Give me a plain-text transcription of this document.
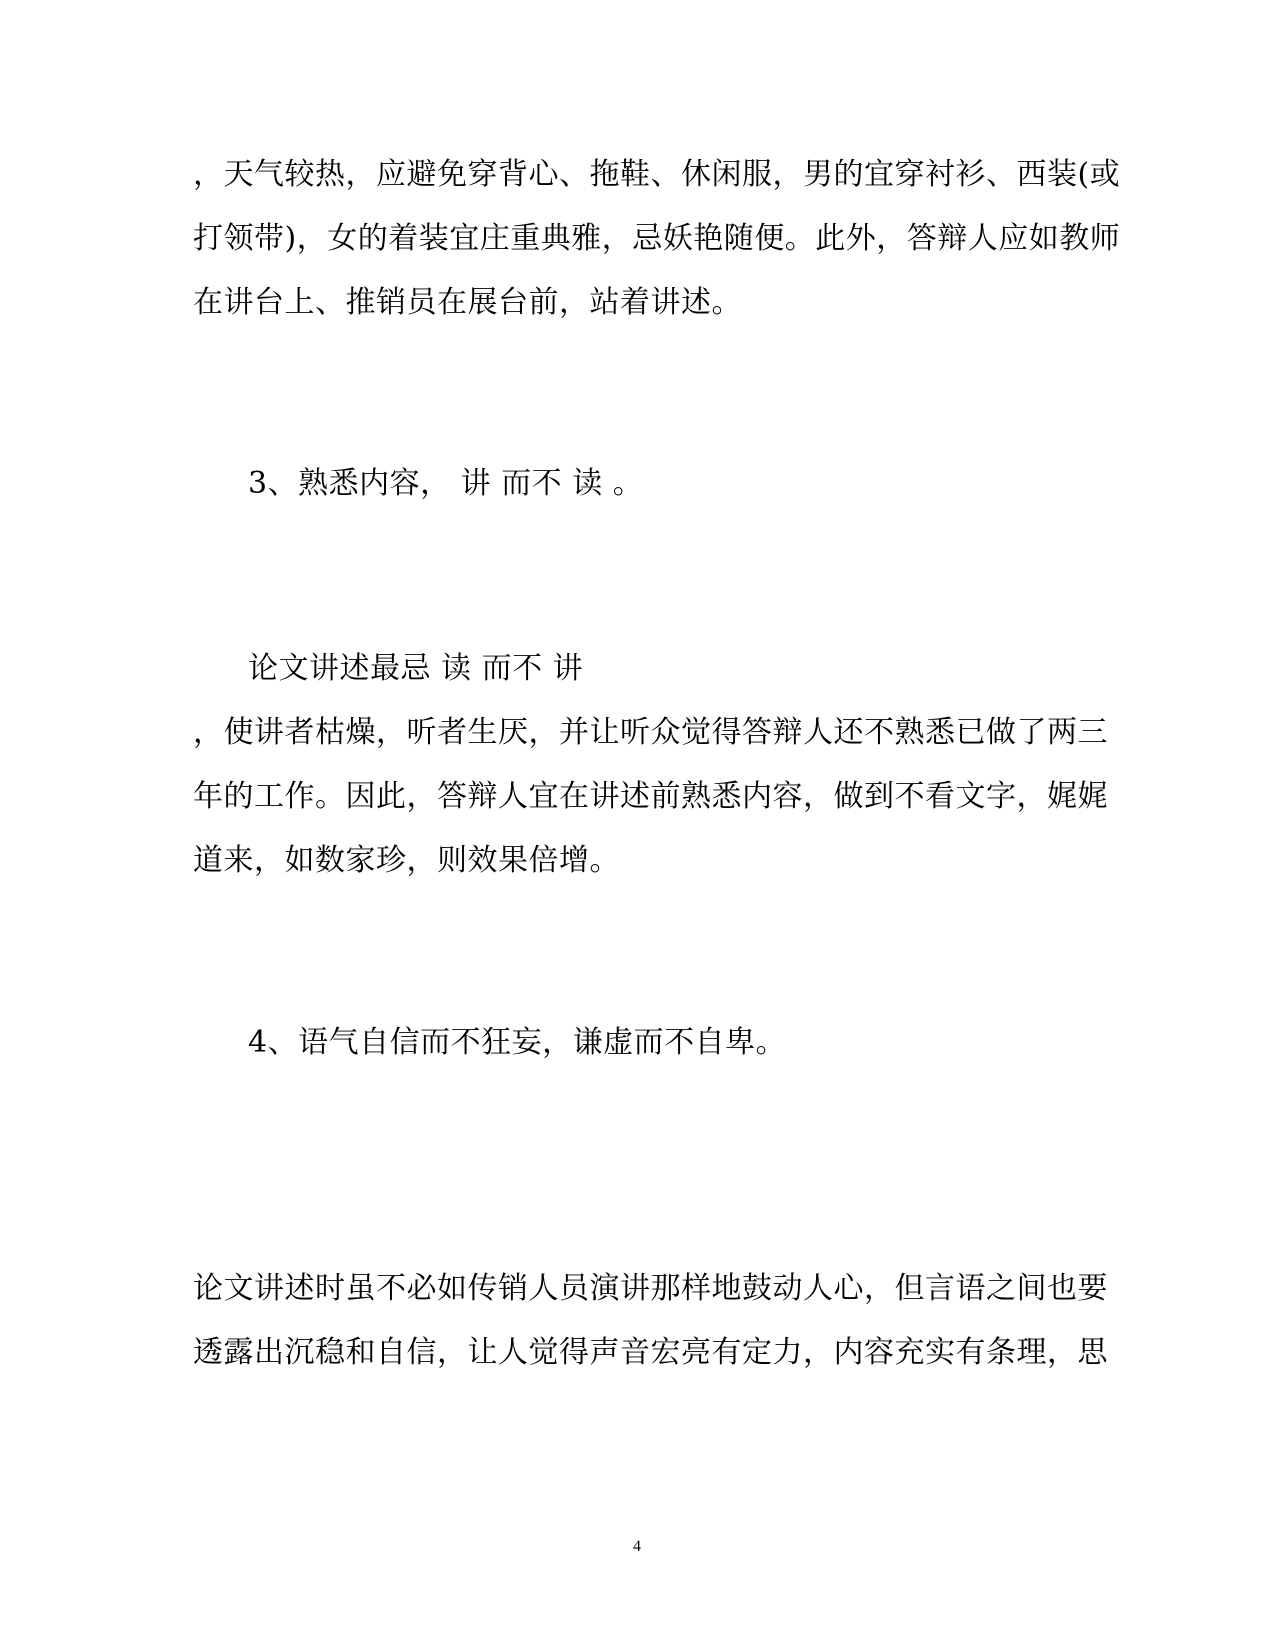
，天气较热，应避免穿背心、拖鞋、休闲服，男的宜穿衬衫、西装(或
打领带)，女的着装宜庄重典雅，忌妖艳随便。此外，答辩人应如教师
在讲台上、推销员在展台前，站着讲述。
3、熟悉内容， 讲 而不 读 。
论文讲述最忌 读 而不 讲
，使讲者枯燥，听者生厌，并让听众觉得答辩人还不熟悉已做了两三
年的工作。因此，答辩人宜在讲述前熟悉内容，做到不看文字，娓娓
道来，如数家珍，则效果倍增。
4、语气自信而不狂妄，谦虚而不自卑。
论文讲述时虽不必如传销人员演讲那样地鼓动人心，但言语之间也要
透露出沉稳和自信，让人觉得声音宏亮有定力，内容充实有条理，思
4
